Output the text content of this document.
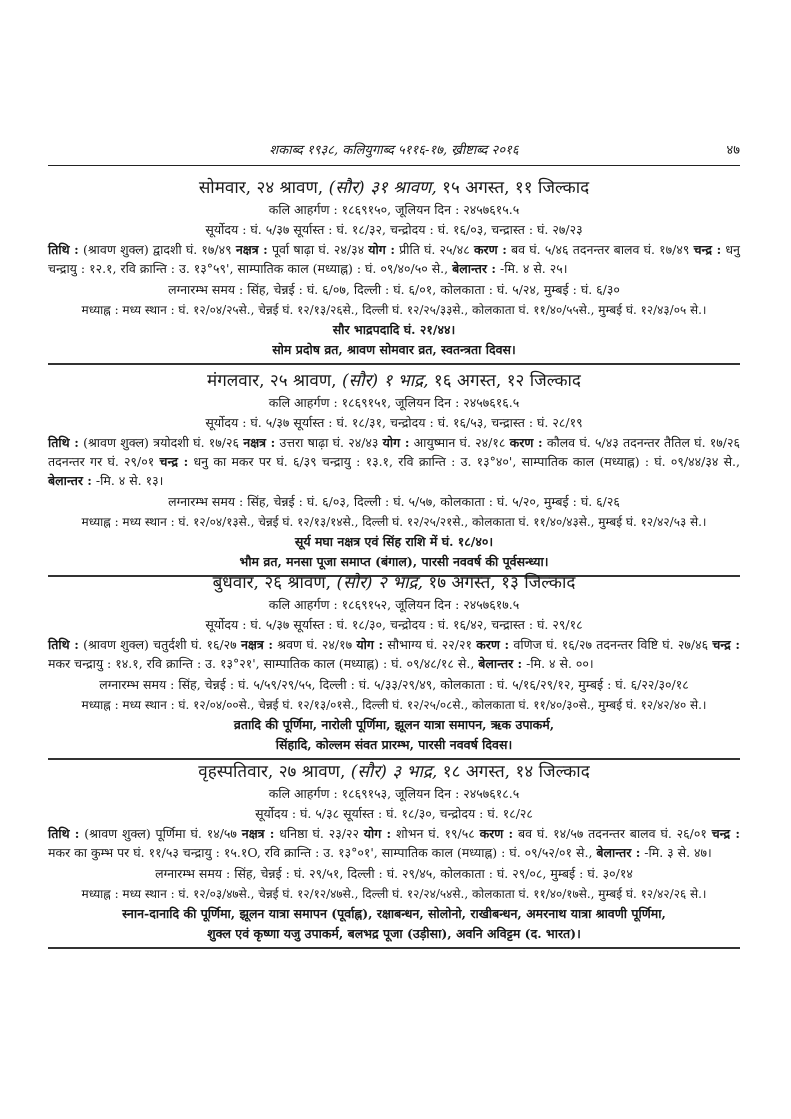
शकाब्द १९३८, कलियुगाब्द ५११६-१७, ख्रीष्टाब्द २०१६	४७
सोमवार, २४ श्रावण, (सौर) ३१ श्रावण, १५ अगस्त, ११ जिल्काद
कलि आहर्गण : १८६९१५०, जूलियन दिन : २४५७६१५.५
सूर्योदय : घं. ५/३७ सूर्यास्त : घं. १८/३२, चन्द्रोदय : घं. १६/०३, चन्द्रास्त : घं. २७/२३

तिथि : (श्रावण शुक्ल) द्वादशी घं. १७/४९ नक्षत्र : पूर्वा षाढ़ा घं. २४/३४ योग : प्रीति घं. २५/४८ करण : बव घं. ५/४६ तदनन्तर बालव घं. १७/४९ चन्द्र : धनु चन्द्रायु : १२.१, रवि क्रान्ति : उ. १३°५९', साम्पातिक काल (मध्याह्न) : घं. ०९/४०/५० से., बेलान्तर : -मि. ४ से. २५।

लग्नारम्भ समय : सिंह, चेन्नई : घं. ६/०७, दिल्ली : घं. ६/०१, कोलकाता : घं. ५/२४, मुम्बई : घं. ६/३०
मध्याह्न : मध्य स्थान : घं. १२/०४/२५से., चेन्नई घं. १२/१३/२६से., दिल्ली घं. १२/२५/३३से., कोलकाता घं. ११/४०/५५से., मुम्बई घं. १२/४३/०५ से.।
सौर भाद्रपदादि घं. २१/४४।
सोम प्रदोष व्रत, श्रावण सोमवार व्रत, स्वतन्त्रता दिवस।
मंगलवार, २५ श्रावण, (सौर) १ भाद्र, १६ अगस्त, १२ जिल्काद
कलि आहर्गण : १८६९१५१, जूलियन दिन : २४५७६१६.५
सूर्योदय : घं. ५/३७ सूर्यास्त : घं. १८/३१, चन्द्रोदय : घं. १६/५३, चन्द्रास्त : घं. २८/१९

तिथि : (श्रावण शुक्ल) त्रयोदशी घं. १७/२६ नक्षत्र : उत्तरा षाढ़ा घं. २४/४३ योग : आयुष्मान घं. २४/१८ करण : कौलव घं. ५/४३ तदनन्तर तैतिल घं. १७/२६ तदनन्तर गर घं. २९/०१ चन्द्र : धनु का मकर पर घं. ६/३९ चन्द्रायु : १३.१, रवि क्रान्ति : उ. १३°४०', साम्पातिक काल (मध्याह्न) : घं. ०९/४४/३४ से., बेलान्तर : -मि. ४ से. १३।

लग्नारम्भ समय : सिंह, चेन्नई : घं. ६/०३, दिल्ली : घं. ५/५७, कोलकाता : घं. ५/२०, मुम्बई : घं. ६/२६
मध्याह्न : मध्य स्थान : घं. १२/०४/१३से., चेन्नई घं. १२/१३/१४से., दिल्ली घं. १२/२५/२१से., कोलकाता घं. ११/४०/४३से., मुम्बई घं. १२/४२/५३ से.।
सूर्य मघा नक्षत्र एवं सिंह राशि में घं. १८/४०।
भौम व्रत, मनसा पूजा समाप्त (बंगाल), पारसी नववर्ष की पूर्वसन्ध्या।
बुधवार, २६ श्रावण, (सौर) २ भाद्र, १७ अगस्त, १३ जिल्काद
कलि आहर्गण : १८६९१५२, जूलियन दिन : २४५७६१७.५
सूर्योदय : घं. ५/३७ सूर्यास्त : घं. १८/३०, चन्द्रोदय : घं. १६/४२, चन्द्रास्त : घं. २९/१८

तिथि : (श्रावण शुक्ल) चतुर्दशी घं. १६/२७ नक्षत्र : श्रवण घं. २४/१७ योग : सौभाग्य घं. २२/२१ करण : वणिज घं. १६/२७ तदनन्तर विष्टि घं. २७/४६ चन्द्र : मकर चन्द्रायु : १४.१, रवि क्रान्ति : उ. १३°२१', साम्पातिक काल (मध्याह्न) : घं. ०९/४८/१८ से., बेलान्तर : -मि. ४ से. ००।

लग्नारम्भ समय : सिंह, चेन्नई : घं. ५/५९/२९/५५, दिल्ली : घं. ५/३३/२९/४९, कोलकाता : घं. ५/१६/२९/१२, मुम्बई : घं. ६/२२/३०/१८
मध्याह्न : मध्य स्थान : घं. १२/०४/००से., चेन्नई घं. १२/१३/०१से., दिल्ली घं. १२/२५/०८से., कोलकाता घं. ११/४०/३०से., मुम्बई घं. १२/४२/४० से.।
व्रतादि की पूर्णिमा, नारोली पूर्णिमा, झूलन यात्रा समापन, ऋक उपाकर्म,
सिंहादि, कोल्लम संवत प्रारम्भ, पारसी नववर्ष दिवस।
वृहस्पतिवार, २७ श्रावण, (सौर) ३ भाद्र, १८ अगस्त, १४ जिल्काद
कलि आहर्गण : १८६९१५३, जूलियन दिन : २४५७६१८.५
सूर्योदय : घं. ५/३८ सूर्यास्त : घं. १८/३०, चन्द्रोदय : घं. १८/२८

तिथि : (श्रावण शुक्ल) पूर्णिमा घं. १४/५७ नक्षत्र : धनिष्ठा घं. २३/२२ योग : शोभन घं. १९/५८ करण : बव घं. १४/५७ तदनन्तर बालव घं. २६/०१ चन्द्र : मकर का कुम्भ पर घं. ११/५३ चन्द्रायु : १५.१O, रवि क्रान्ति : उ. १३°०१', साम्पातिक काल (मध्याह्न) : घं. ०९/५२/०१ से., बेलान्तर : -मि. ३ से. ४७।

लग्नारम्भ समय : सिंह, चेन्नई : घं. २९/५१, दिल्ली : घं. २९/४५, कोलकाता : घं. २९/०८, मुम्बई : घं. ३०/१४
मध्याह्न : मध्य स्थान : घं. १२/०३/४७से., चेन्नई घं. १२/१२/४७से., दिल्ली घं. १२/२४/५४से., कोलकाता घं. ११/४०/१७से., मुम्बई घं. १२/४२/२६ से.।
स्नान-दानादि की पूर्णिमा, झूलन यात्रा समापन (पूर्वाह्न), रक्षाबन्धन, सोलोनो, राखीबन्धन, अमरनाथ यात्रा श्रावणी पूर्णिमा,
शुक्ल एवं कृष्णा यजु उपाकर्म, बलभद्र पूजा (उड़ीसा), अवनि अविट्टम (द. भारत)।
